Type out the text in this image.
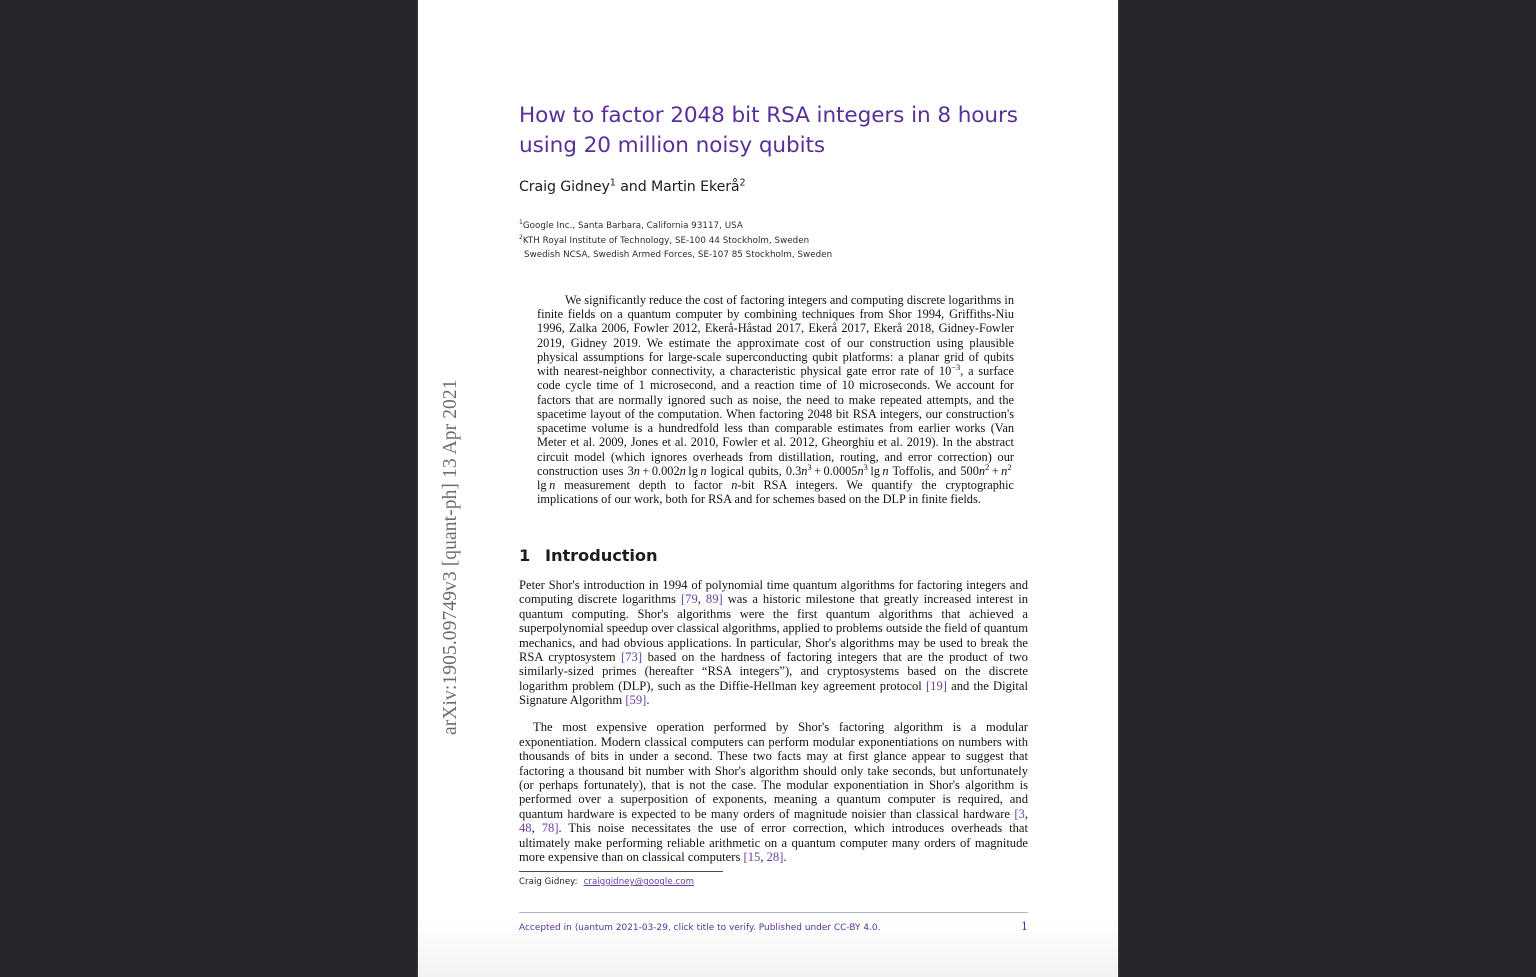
arXiv:1905.09749v3 [quant-ph] 13 Apr 2021
How to factor 2048 bit RSA integers in 8 hours using 20 million noisy qubits
Craig Gidney$^1$ and Martin Ekerå$^2$
$^1$Google Inc., Santa Barbara, California 93117, USA
$^2$KTH Royal Institute of Technology, SE-100 44 Stockholm, Sweden
Swedish NCSA, Swedish Armed Forces, SE-107 85 Stockholm, Sweden
We significantly reduce the cost of factoring integers and computing discrete logarithms in finite fields on a quantum computer by combining techniques from Shor 1994, Griffiths-Niu 1996, Zalka 2006, Fowler 2012, Ekerå-Håstad 2017, Ekerå 2017, Ekerå 2018, Gidney-Fowler 2019, Gidney 2019. We estimate the approximate cost of our construction using plausible physical assumptions for large-scale superconducting qubit platforms: a planar grid of qubits with nearest-neighbor connectivity, a characteristic physical gate error rate of $10^{-3}$, a surface code cycle time of 1 microsecond, and a reaction time of 10 microseconds. We account for factors that are normally ignored such as noise, the need to make repeated attempts, and the spacetime layout of the computation. When factoring 2048 bit RSA integers, our construction's spacetime volume is a hundredfold less than comparable estimates from earlier works (Van Meter et al. 2009, Jones et al. 2010, Fowler et al. 2012, Gheorghiu et al. 2019). In the abstract circuit model (which ignores overheads from distillation, routing, and error correction) our construction uses 3n + 0.002n lg n logical qubits, $0.3n^3 + 0.0005n^3$ lg n Toffolis, and $500n^2 + n^2$ lg n measurement depth to factor n-bit RSA integers. We quantify the cryptographic implications of our work, both for RSA and for schemes based on the DLP in finite fields.
1 Introduction

Peter Shor's introduction in 1994 of polynomial time quantum algorithms for factoring integers and computing discrete logarithms [79, 89] was a historic milestone that greatly increased interest in quantum computing. Shor's algorithms were the first quantum algorithms that achieved a superpolynomial speedup over classical algorithms, applied to problems outside the field of quantum mechanics, and had obvious applications. In particular, Shor's algorithms may be used to break the RSA cryptosystem [73] based on the hardness of factoring integers that are the product of two similarly-sized primes (hereafter “RSA integers”), and cryptosystems based on the discrete logarithm problem (DLP), such as the Diffie-Hellman key agreement protocol [19] and the Digital Signature Algorithm [59].

The most expensive operation performed by Shor's factoring algorithm is a modular exponentiation. Modern classical computers can perform modular exponentiations on numbers with thousands of bits in under a second. These two facts may at first glance appear to suggest that factoring a thousand bit number with Shor's algorithm should only take seconds, but unfortunately (or perhaps fortunately), that is not the case. The modular exponentiation in Shor's algorithm is performed over a superposition of exponents, meaning a quantum computer is required, and quantum hardware is expected to be many orders of magnitude noisier than classical hardware [3, 48, 78]. This noise necessitates the use of error correction, which introduces overheads that ultimately make performing reliable arithmetic on a quantum computer many orders of magnitude more expensive than on classical computers [15, 28].

Craig Gidney: craiggidney@google.com
Accepted in ⟨uantum 2021-03-29, click title to verify. Published under CC-BY 4.0.	1
